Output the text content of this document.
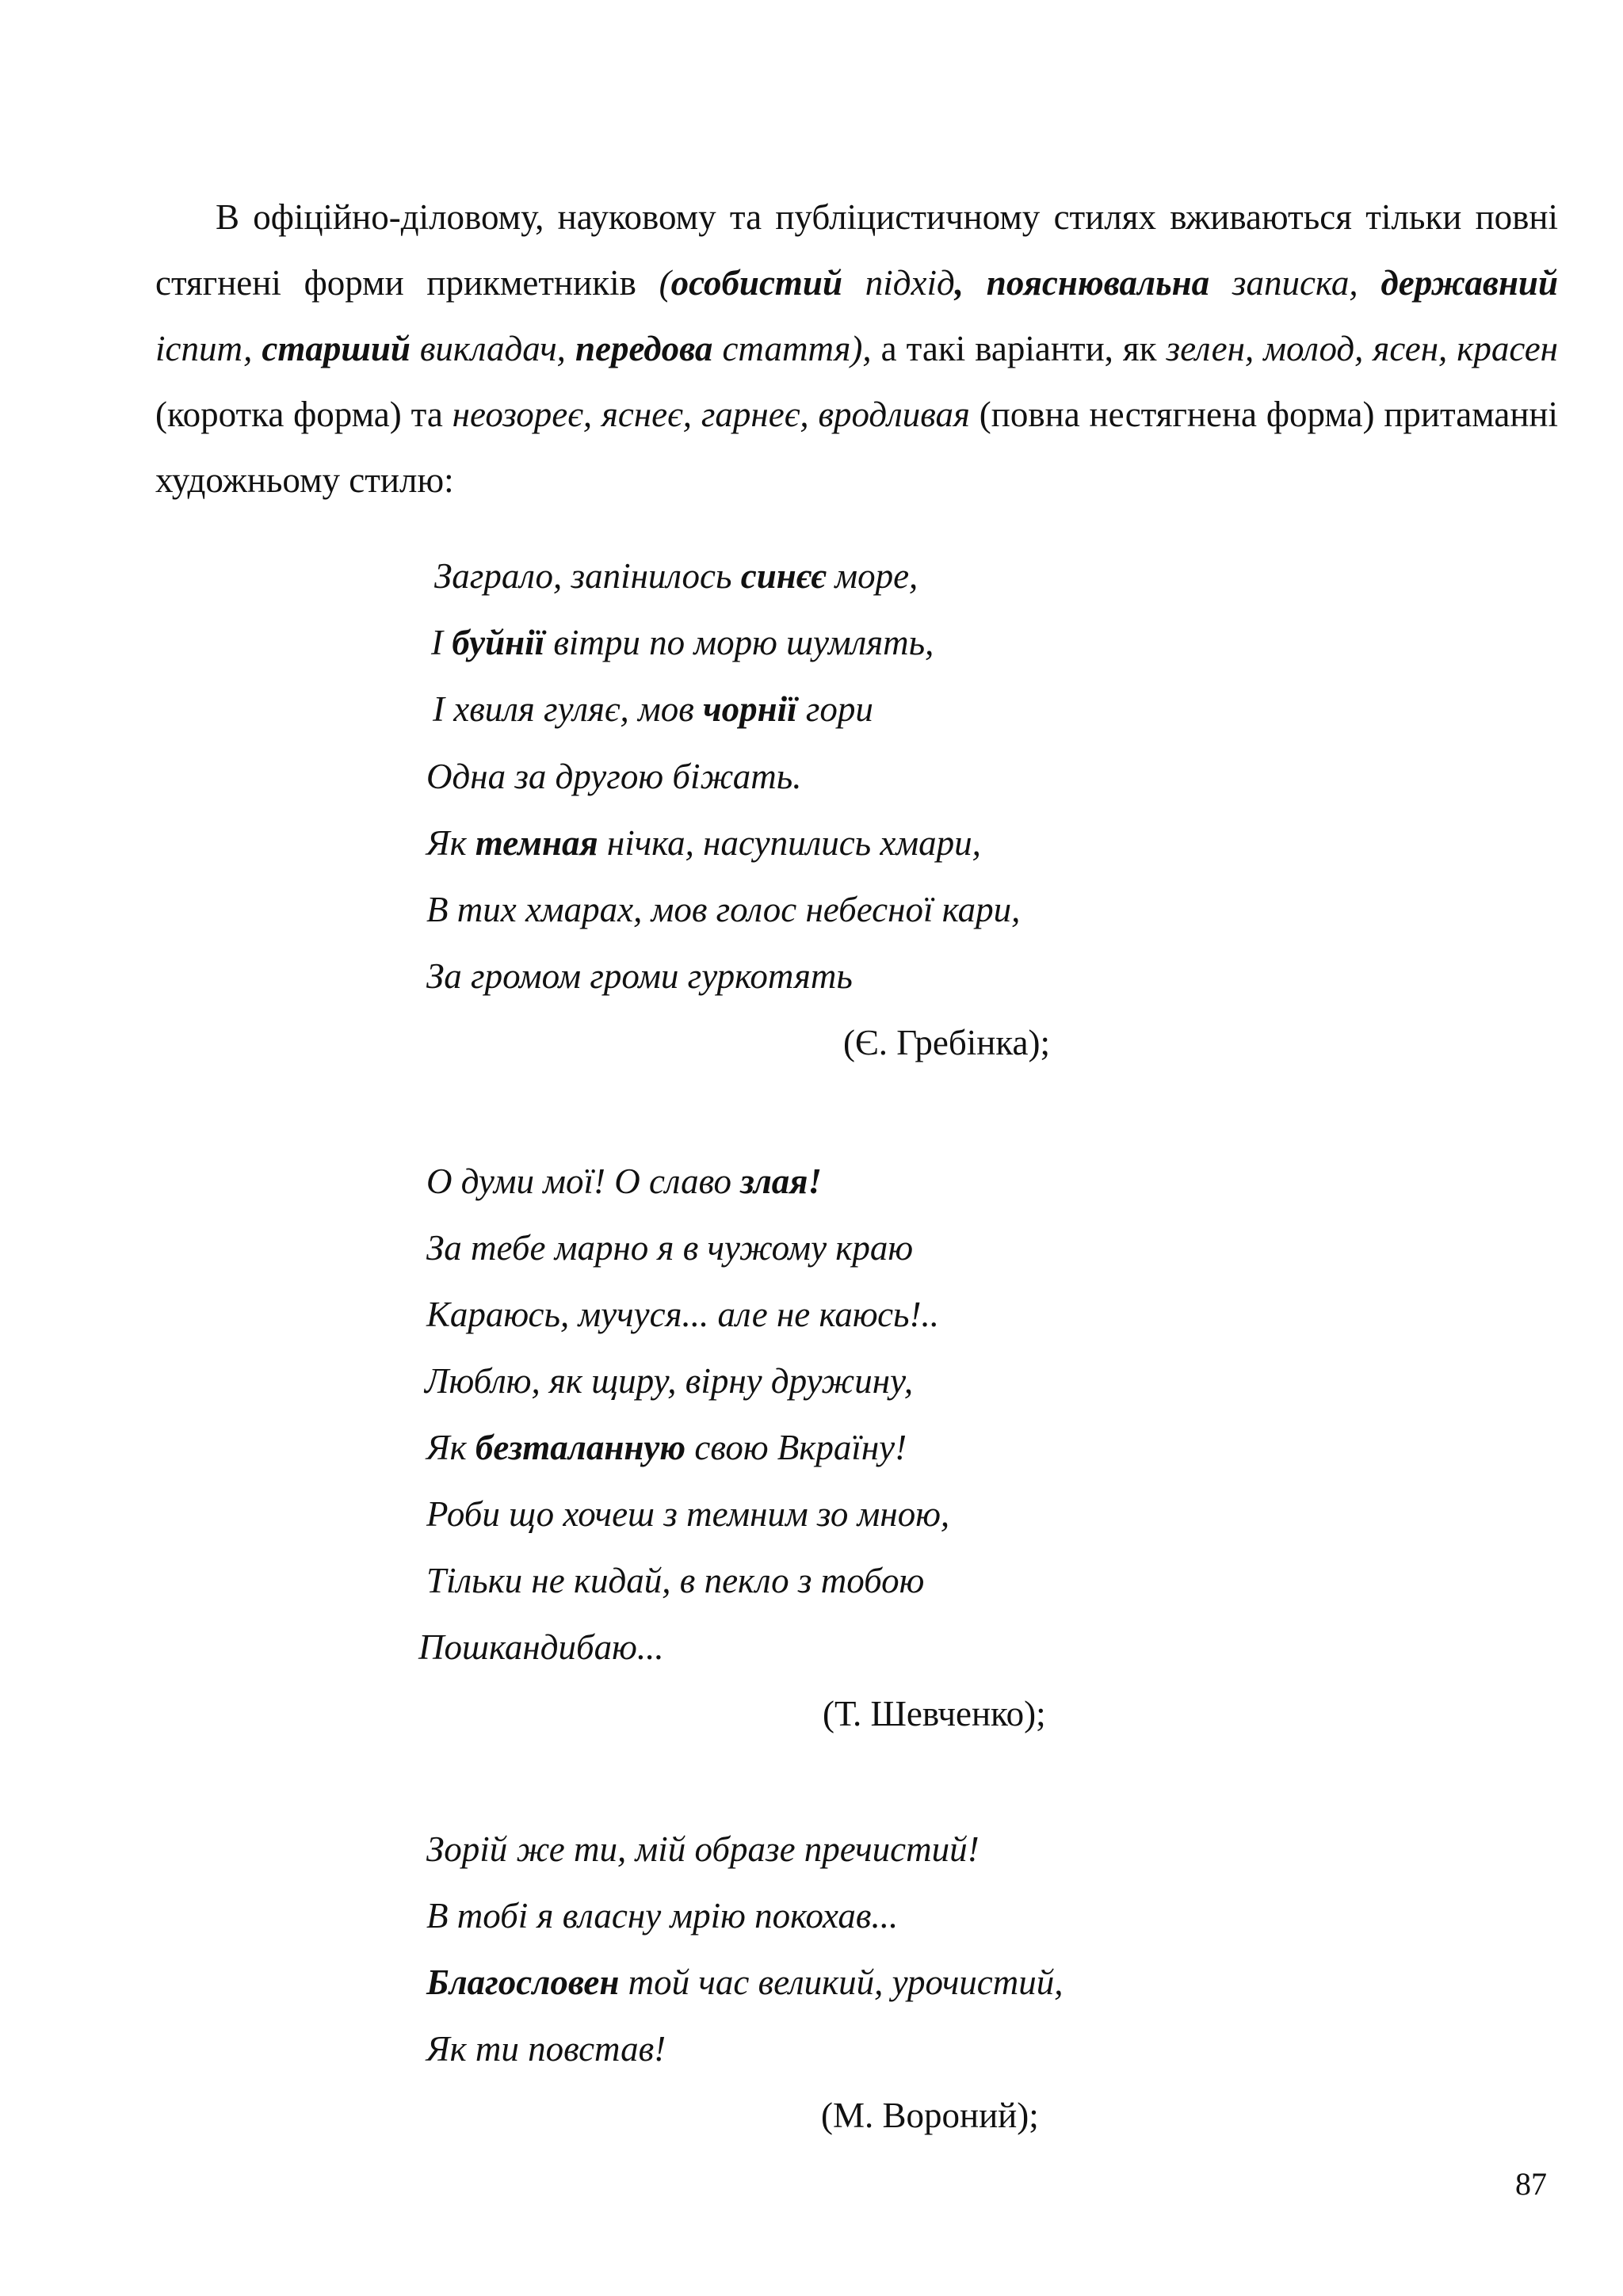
В офіційно-діловому, науковому та публіцистичному стилях вживаються тільки повні стягнені форми прикметників (особистий підхід, пояснювальна записка, державний іспит, старший викладач, передова стаття), а такі варіанти, як зелен, молод, ясен, красен (коротка форма) та неозореє, яснеє, гарнеє, вродливая (повна нестягнена форма) притаманні художньому стилю:

Заграло, запінилось синєє море,
І буйнії вітри по морю шумлять,
І хвиля гуляє, мов чорнії гори
Одна за другою біжать.
Як темная нічка, насупились хмари,
В тих хмарах, мов голос небесної кари,
За громом громи гуркотять
(Є. Гребінка);
О думи мої! О славо злая!
За тебе марно я в чужому краю
Караюсь, мучуся... але не каюсь!..
Люблю, як щиру, вірну дружину,
Як безталанную свою Вкраїну!
Роби що хочеш з темним зо мною,
Тільки не кидай, в пекло з тобою
Пошкандибаю...
(Т. Шевченко);
Зорій же ти, мій образе пречистий!
В тобі я власну мрію покохав...
Благословен той час великий, урочистий,
Як ти повстав!
(М. Вороний);
87
